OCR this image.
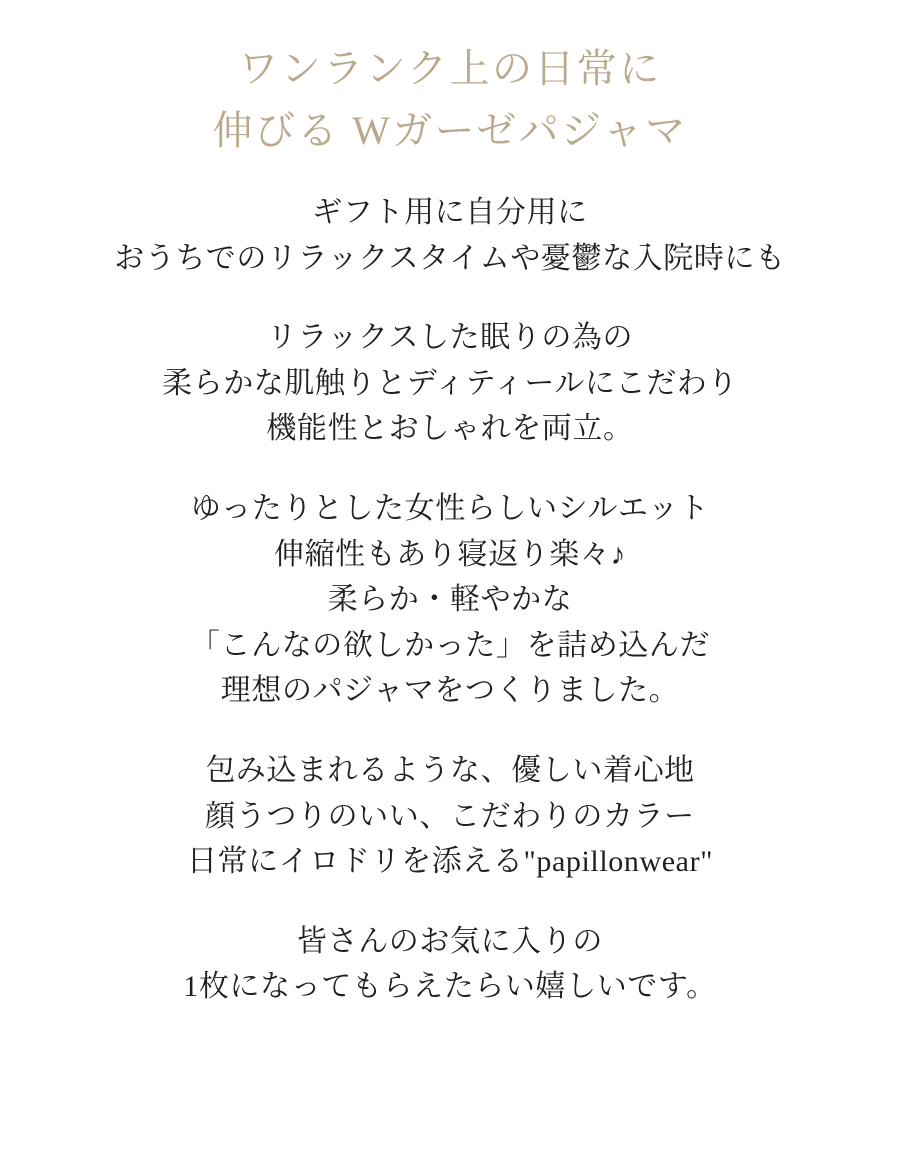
ワンランク上の日常に
伸びる Wガーゼパジャマ
ギフト用に自分用に
おうちでのリラックスタイムや憂鬱な入院時にも
リラックスした眠りの為の
柔らかな肌触りとディティールにこだわり
機能性とおしゃれを両立。
ゆったりとした女性らしいシルエット
伸縮性もあり寝返り楽々♪
柔らか・軽やかな
「こんなの欲しかった」を詰め込んだ
理想のパジャマをつくりました。
包み込まれるような、優しい着心地
顔うつりのいい、こだわりのカラー
日常にイロドリを添える"papillonwear"
皆さんのお気に入りの
1枚になってもらえたらい嬉しいです。
